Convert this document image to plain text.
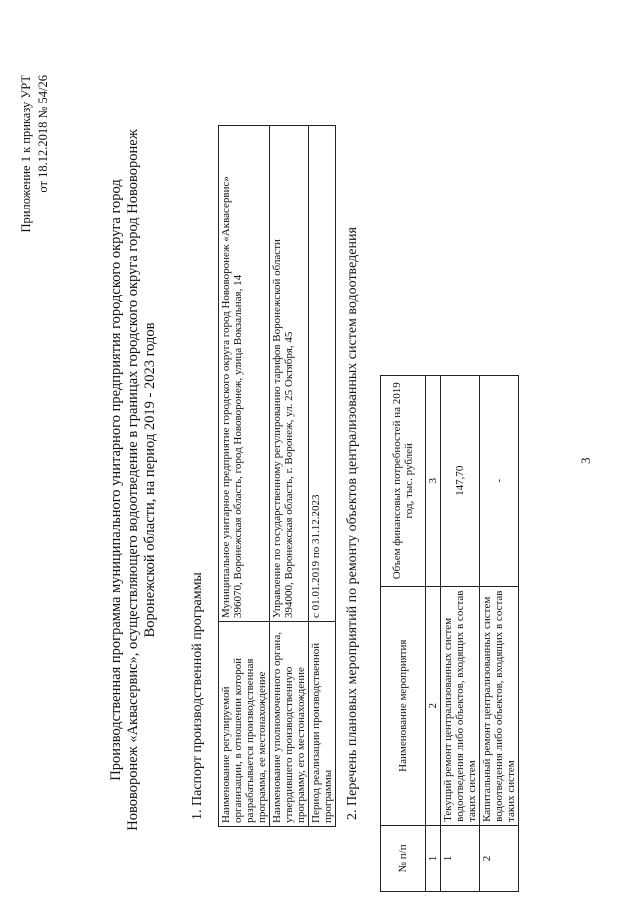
3
Приложение 1 к приказу УРТ от 18.12.2018 № 54/26
Производственная программа муниципального унитарного предприятия городского округа город Нововоронеж «Аквасервис», осуществляющего водоотведение в границах городского округа город Нововоронеж Воронежской области, на период 2019 - 2023 годов
1. Паспорт производственной программы Наименование регулируемой организации, в отношении которой разрабатывается производственная программа, ее местонахождение	Муниципальное унитарное предприятие городского округа город Нововоронеж «Аквасервис» 396070, Воронежская область, город Нововоронеж, улица Вокзальная, 14

Наименование уполномоченного органа, утвердившего производственную программу, его местонахождение	Управление по государственному регулированию тарифов Воронежской области 394000, Воронежская область, г. Воронеж, ул. 25 Октября, 45

Период реализации производственной программы	с 01.01.2019 по 31.12.2023 2. Перечень плановых мероприятий по ремонту объектов централизованных систем водоотведения
№ п/п	Наименование мероприятия	Объем финансовых потребностей на 2019 год, тыс. рублей
1	2	3
1	Текущий ремонт централизованных систем водоотведения либо объектов, входящих в состав таких систем	147,70
2	Капитальный ремонт централизованных систем водоотведения либо объектов, входящих в состав таких систем	-
